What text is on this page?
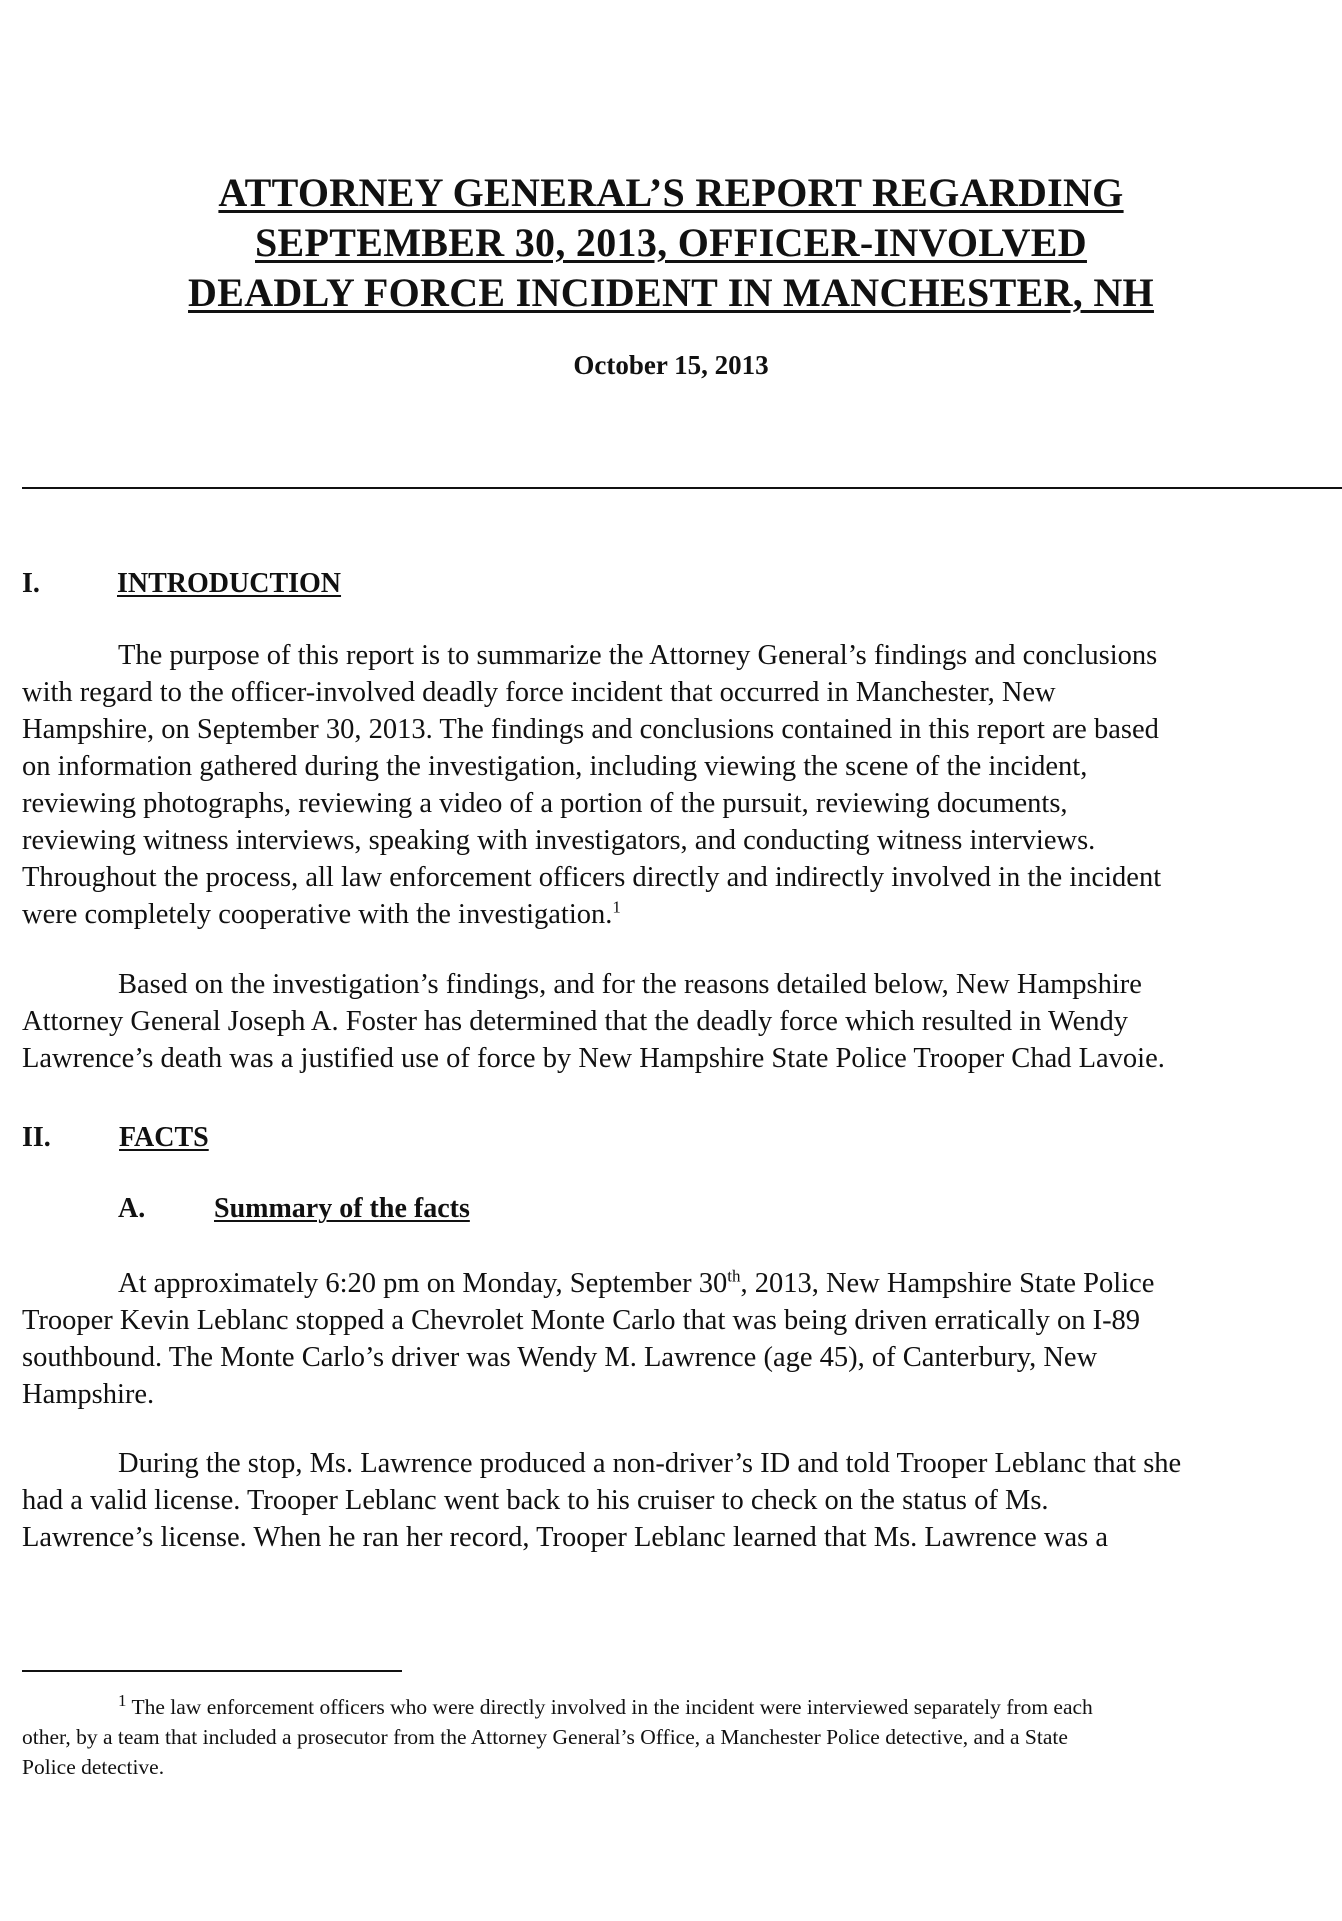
ATTORNEY GENERAL’S REPORT REGARDING
SEPTEMBER 30, 2013, OFFICER-INVOLVED
DEADLY FORCE INCIDENT IN MANCHESTER, NH
October 15, 2013
I.	INTRODUCTION
The purpose of this report is to summarize the Attorney General’s findings and conclusions
with regard to the officer-involved deadly force incident that occurred in Manchester, New
Hampshire, on September 30, 2013. The findings and conclusions contained in this report are based
on information gathered during the investigation, including viewing the scene of the incident,
reviewing photographs, reviewing a video of a portion of the pursuit, reviewing documents,
reviewing witness interviews, speaking with investigators, and conducting witness interviews.
Throughout the process, all law enforcement officers directly and indirectly involved in the incident
were completely cooperative with the investigation.$^1$
Based on the investigation’s findings, and for the reasons detailed below, New Hampshire
Attorney General Joseph A. Foster has determined that the deadly force which resulted in Wendy
Lawrence’s death was a justified use of force by New Hampshire State Police Trooper Chad Lavoie.
II. FACTS
A. Summary of the facts
At approximately 6:20 pm on Monday, September 30th, 2013, New Hampshire State Police
Trooper Kevin Leblanc stopped a Chevrolet Monte Carlo that was being driven erratically on I-89
southbound. The Monte Carlo’s driver was Wendy M. Lawrence (age 45), of Canterbury, New
Hampshire.
During the stop, Ms. Lawrence produced a non-driver’s ID and told Trooper Leblanc that she
had a valid license. Trooper Leblanc went back to his cruiser to check on the status of Ms.
Lawrence’s license. When he ran her record, Trooper Leblanc learned that Ms. Lawrence was a
$^1$ The law enforcement officers who were directly involved in the incident were interviewed separately from each
other, by a team that included a prosecutor from the Attorney General’s Office, a Manchester Police detective, and a State
Police detective.
